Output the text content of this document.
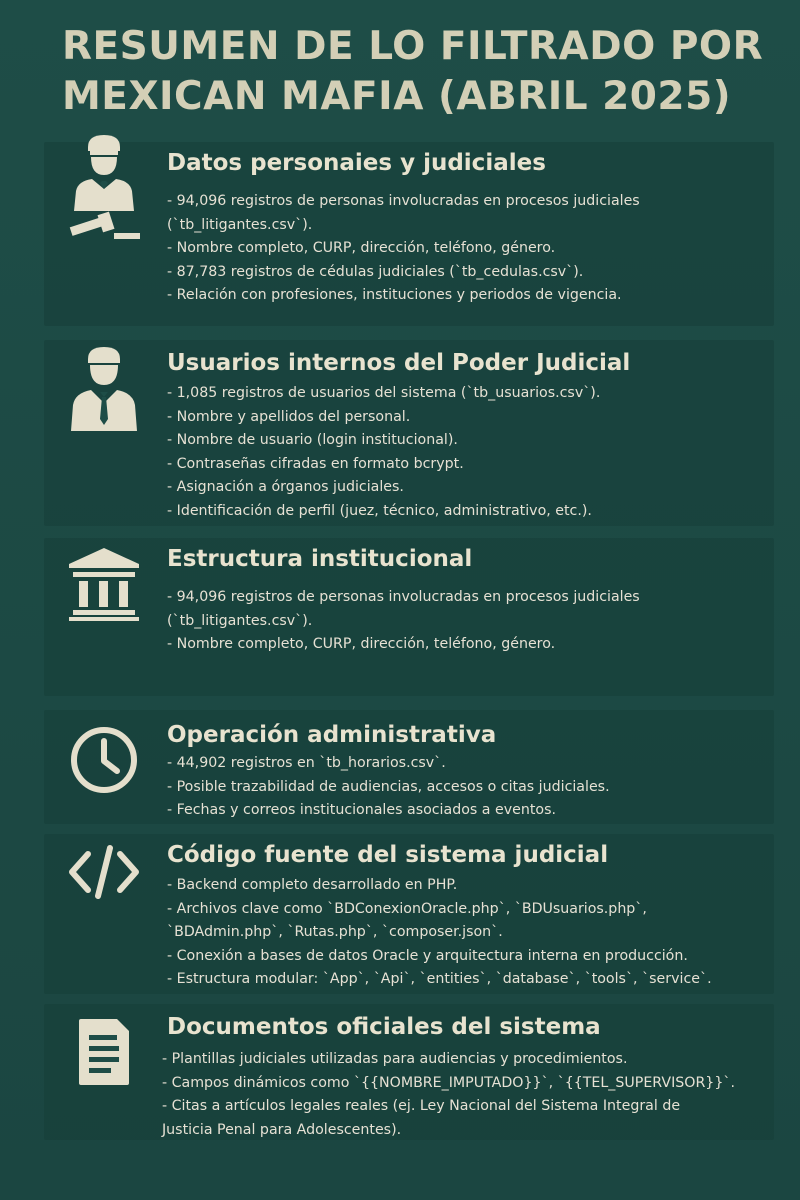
RESUMEN DE LO FILTRADO POR
MEXICAN MAFIA (ABRIL 2025)
Datos personaies y judiciales
- 94,096 registros de personas involucradas en procesos judiciales
(`tb_litigantes.csv`).
- Nombre completo, CURP, dirección, teléfono, género.
- 87,783 registros de cédulas judiciales (`tb_cedulas.csv`).
- Relación con profesiones, instituciones y periodos de vigencia.
Usuarios internos del Poder Judicial
- 1,085 registros de usuarios del sistema (`tb_usuarios.csv`).
- Nombre y apellidos del personal.
- Nombre de usuario (login institucional).
- Contraseñas cifradas en formato bcrypt.
- Asignación a órganos judiciales.
- Identificación de perfil (juez, técnico, administrativo, etc.).
Estructura institucional
- 94,096 registros de personas involucradas en procesos judiciales
(`tb_litigantes.csv`).
- Nombre completo, CURP, dirección, teléfono, género.
Operación administrativa
- 44,902 registros en `tb_horarios.csv`.
- Posible trazabilidad de audiencias, accesos o citas judiciales.
- Fechas y correos institucionales asociados a eventos.
Código fuente del sistema judicial
- Backend completo desarrollado en PHP.
- Archivos clave como `BDConexionOracle.php`, `BDUsuarios.php`,
`BDAdmin.php`, `Rutas.php`, `composer.json`.
- Conexión a bases de datos Oracle y arquitectura interna en producción.
- Estructura modular: `App`, `Api`, `entities`, `database`, `tools`, `service`.
Documentos oficiales del sistema
- Plantillas judiciales utilizadas para audiencias y procedimientos.
- Campos dinámicos como `{{NOMBRE_IMPUTADO}}`, `{{TEL_SUPERVISOR}}`.
- Citas a artículos legales reales (ej. Ley Nacional del Sistema Integral de
Justicia Penal para Adolescentes).
